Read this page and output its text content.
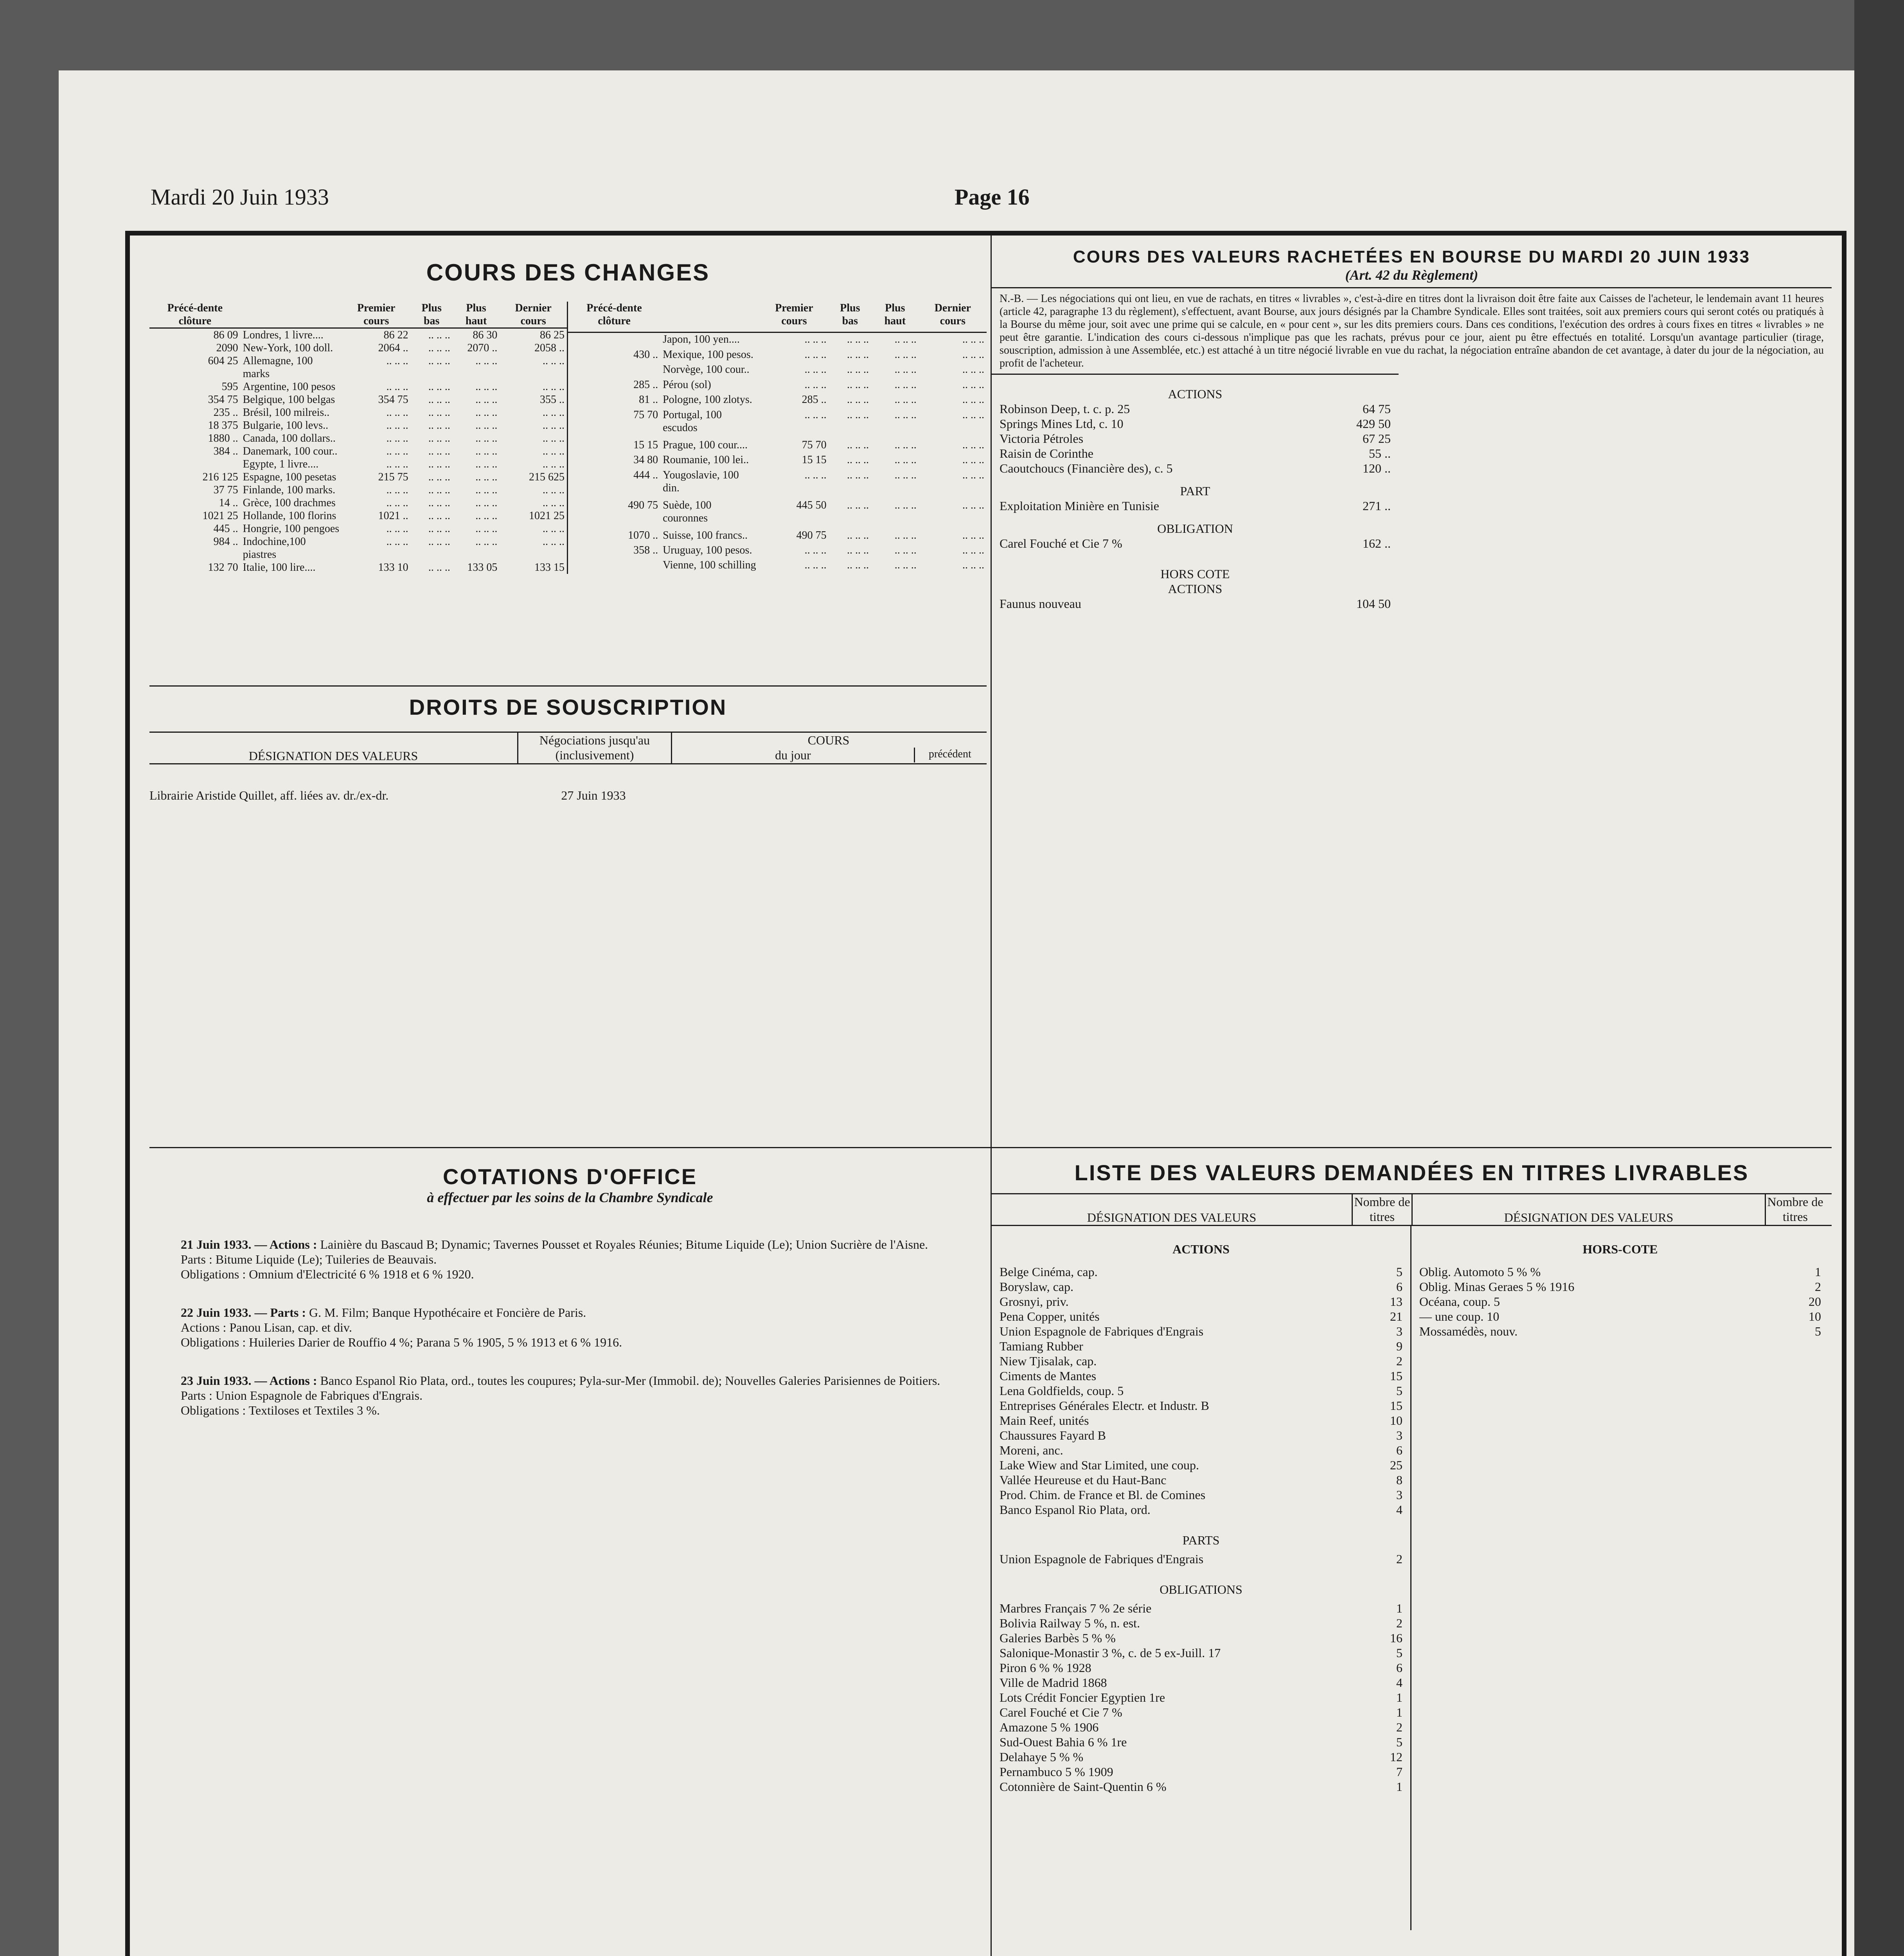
Mardi 20 Juin 1933	Page 16
COURS DES CHANGES
Précé-dente clôture		Premier cours	Plus bas	Plus haut	Dernier cours
86 09	Londres, 1 livre....	86 22	.. .. ..	86 30	86 25
2090	New-York, 100 doll.	2064 ..	.. .. ..	2070 ..	2058 ..
604 25	Allemagne, 100 marks	.. .. ..	.. .. ..	.. .. ..	.. .. ..
595	Argentine, 100 pesos	.. .. ..	.. .. ..	.. .. ..	.. .. ..
354 75	Belgique, 100 belgas	354 75	.. .. ..	.. .. ..	355 ..
235 ..	Brésil, 100 milreis..	.. .. ..	.. .. ..	.. .. ..	.. .. ..
18 375	Bulgarie, 100 levs..	.. .. ..	.. .. ..	.. .. ..	.. .. ..
1880 ..	Canada, 100 dollars..	.. .. ..	.. .. ..	.. .. ..	.. .. ..
384 ..	Danemark, 100 cour..	.. .. ..	.. .. ..	.. .. ..	.. .. ..
	Egypte, 1 livre....	.. .. ..	.. .. ..	.. .. ..	.. .. ..
216 125	Espagne, 100 pesetas	215 75	.. .. ..	.. .. ..	215 625
37 75	Finlande, 100 marks.	.. .. ..	.. .. ..	.. .. ..	.. .. ..
14 ..	Grèce, 100 drachmes	.. .. ..	.. .. ..	.. .. ..	.. .. ..
1021 25	Hollande, 100 florins	1021 ..	.. .. ..	.. .. ..	1021 25
445 ..	Hongrie, 100 pengoes	.. .. ..	.. .. ..	.. .. ..	.. .. ..
984 ..	Indochine,100 piastres	.. .. ..	.. .. ..	.. .. ..	.. .. ..
132 70	Italie, 100 lire....	133 10	.. .. ..	133 05	133 15
Précé-dente clôture		Premier cours	Plus bas	Plus haut	Dernier cours
	Japon, 100 yen....	.. .. ..	.. .. ..	.. .. ..	.. .. ..
430 ..	Mexique, 100 pesos.	.. .. ..	.. .. ..	.. .. ..	.. .. ..
	Norvège, 100 cour..	.. .. ..	.. .. ..	.. .. ..	.. .. ..
285 ..	Pérou (sol)	.. .. ..	.. .. ..	.. .. ..	.. .. ..
81 ..	Pologne, 100 zlotys.	285 ..	.. .. ..	.. .. ..	.. .. ..
75 70	Portugal, 100 escudos	.. .. ..	.. .. ..	.. .. ..	.. .. ..
15 15	Prague, 100 cour....	75 70	.. .. ..	.. .. ..	.. .. ..
34 80	Roumanie, 100 lei..	15 15	.. .. ..	.. .. ..	.. .. ..
444 ..	Yougoslavie, 100 din.	.. .. ..	.. .. ..	.. .. ..	.. .. ..
490 75	Suède, 100 couronnes	445 50	.. .. ..	.. .. ..	.. .. ..
1070 ..	Suisse, 100 francs..	490 75	.. .. ..	.. .. ..	.. .. ..
358 ..	Uruguay, 100 pesos.	.. .. ..	.. .. ..	.. .. ..	.. .. ..
	Vienne, 100 schilling	.. .. ..	.. .. ..	.. .. ..	.. .. ..
DROITS DE SOUSCRIPTION
DÉSIGNATION DES VALEURS
Négociations jusqu'au (inclusivement)
COURS
du jour	précédent
Librairie Aristide Quillet, aff. liées av. dr./ex-dr.	27 Juin 1933
COURS DES VALEURS RACHETÉES EN BOURSE DU MARDI 20 JUIN 1933
(Art. 42 du Règlement)
N.-B. — Les négociations qui ont lieu, en vue de rachats, en titres « livrables », c'est-à-dire en titres dont la livraison doit être faite aux Caisses de l'acheteur, le lendemain avant 11 heures (article 42, paragraphe 13 du règlement), s'effectuent, avant Bourse, aux jours désignés par la Chambre Syndicale. Elles sont traitées, soit aux premiers cours qui seront cotés ou pratiqués à la Bourse du même jour, soit avec une prime qui se calcule, en « pour cent », sur les dits premiers cours. Dans ces conditions, l'exécution des ordres à cours fixes en titres « livrables » ne peut être garantie. L'indication des cours ci-dessous n'implique pas que les rachats, prévus pour ce jour, aient pu être effectués en totalité. Lorsqu'un avantage particulier (tirage, souscription, admission à une Assemblée, etc.) est attaché à un titre négocié livrable en vue du rachat, la négociation entraîne abandon de cet avantage, à dater du jour de la négociation, au profit de l'acheteur.
ACTIONS
Robinson Deep, t. c. p. 25	64 75
Springs Mines Ltd, c. 10	429 50
Victoria Pétroles	67 25
Raisin de Corinthe	55 ..
Caoutchoucs (Financière des), c. 5	120 ..
PART
Exploitation Minière en Tunisie	271 ..
OBLIGATION
Carel Fouché et Cie 7 %	162 ..
HORS COTE
ACTIONS
Faunus nouveau	104 50
COTATIONS D'OFFICE
à effectuer par les soins de la Chambre Syndicale
21 Juin 1933. — Actions : Lainière du Bascaud B; Dynamic; Tavernes Pousset et Royales Réunies; Bitume Liquide (Le); Union Sucrière de l'Aisne.
Parts : Bitume Liquide (Le); Tuileries de Beauvais.
Obligations : Omnium d'Electricité 6 % 1918 et 6 % 1920.
22 Juin 1933. — Parts : G. M. Film; Banque Hypothécaire et Foncière de Paris.
Actions : Panou Lisan, cap. et div.
Obligations : Huileries Darier de Rouffio 4 %; Parana 5 % 1905, 5 % 1913 et 6 % 1916.
23 Juin 1933. — Actions : Banco Espanol Rio Plata, ord., toutes les coupures; Pyla-sur-Mer (Immobil. de); Nouvelles Galeries Parisiennes de Poitiers.
Parts : Union Espagnole de Fabriques d'Engrais.
Obligations : Textiloses et Textiles 3 %.
LISTE DES VALEURS DEMANDÉES EN TITRES LIVRABLES
DÉSIGNATION DES VALEURS
Nombre de titres	DÉSIGNATION DES VALEURS
Nombre de titres
ACTIONS
Belge Cinéma, cap.	5
Boryslaw, cap.	6
Grosnyi, priv.	13
Pena Copper, unités	21
Union Espagnole de Fabriques d'Engrais	3
Tamiang Rubber	9
Niew Tjisalak, cap.	2
Ciments de Mantes	15
Lena Goldfields, coup. 5	5
Entreprises Générales Electr. et Industr. B	15
Main Reef, unités	10
Chaussures Fayard B	3
Moreni, anc.	6
Lake Wiew and Star Limited, une coup.	25
Vallée Heureuse et du Haut-Banc	8
Prod. Chim. de France et Bl. de Comines	3
Banco Espanol Rio Plata, ord.	4
PARTS
Union Espagnole de Fabriques d'Engrais	2
OBLIGATIONS
Marbres Français 7 % 2e série	1
Bolivia Railway 5 %, n. est.	2
Galeries Barbès 5 % %	16
Salonique-Monastir 3 %, c. de 5 ex-Juill. 17	5
Piron 6 % % 1928	6
Ville de Madrid 1868	4
Lots Crédit Foncier Egyptien 1re	1
Carel Fouché et Cie 7 %	1
Amazone 5 % 1906	2
Sud-Ouest Bahia 6 % 1re	5
Delahaye 5 % %	12
Pernambuco 5 % 1909	7
Cotonnière de Saint-Quentin 6 %	1
HORS-COTE
Oblig. Automoto 5 % %	1
Oblig. Minas Geraes 5 % 1916	2
Océana, coup. 5	20
— une coup. 10	10
Mossamédès, nouv.	5
